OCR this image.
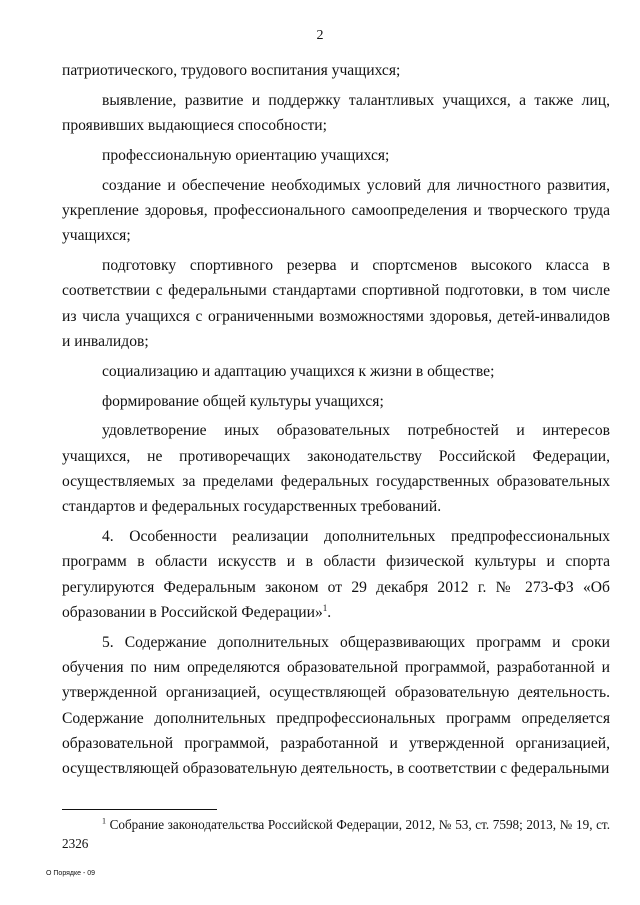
2

патриотического, трудового воспитания учащихся;

выявление, развитие и поддержку талантливых учащихся, а также лиц, проявивших выдающиеся способности;

профессиональную ориентацию учащихся;

создание и обеспечение необходимых условий для личностного развития, укрепление здоровья, профессионального самоопределения и творческого труда учащихся;

подготовку спортивного резерва и спортсменов высокого класса в соответствии с федеральными стандартами спортивной подготовки, в том числе из числа учащихся с ограниченными возможностями здоровья, детей-инвалидов и инвалидов;

социализацию и адаптацию учащихся к жизни в обществе;

формирование общей культуры учащихся;

удовлетворение иных образовательных потребностей и интересов учащихся, не противоречащих законодательству Российской Федерации, осуществляемых за пределами федеральных государственных образовательных стандартов и федеральных государственных требований.

4. Особенности реализации дополнительных предпрофессиональных программ в области искусств и в области физической культуры и спорта регулируются Федеральным законом от 29 декабря 2012 г. № 273-ФЗ «Об образовании в Российской Федерации»$^1$.

5. Содержание дополнительных общеразвивающих программ и сроки обучения по ним определяются образовательной программой, разработанной и утвержденной организацией, осуществляющей образовательную деятельность. Содержание дополнительных предпрофессиональных программ определяется образовательной программой, разработанной и утвержденной организацией, осуществляющей образовательную деятельность, в соответствии с федеральными

$^1$ Собрание законодательства Российской Федерации, 2012, № 53, ст. 7598; 2013, № 19, ст. 2326
О Порядке - 09
